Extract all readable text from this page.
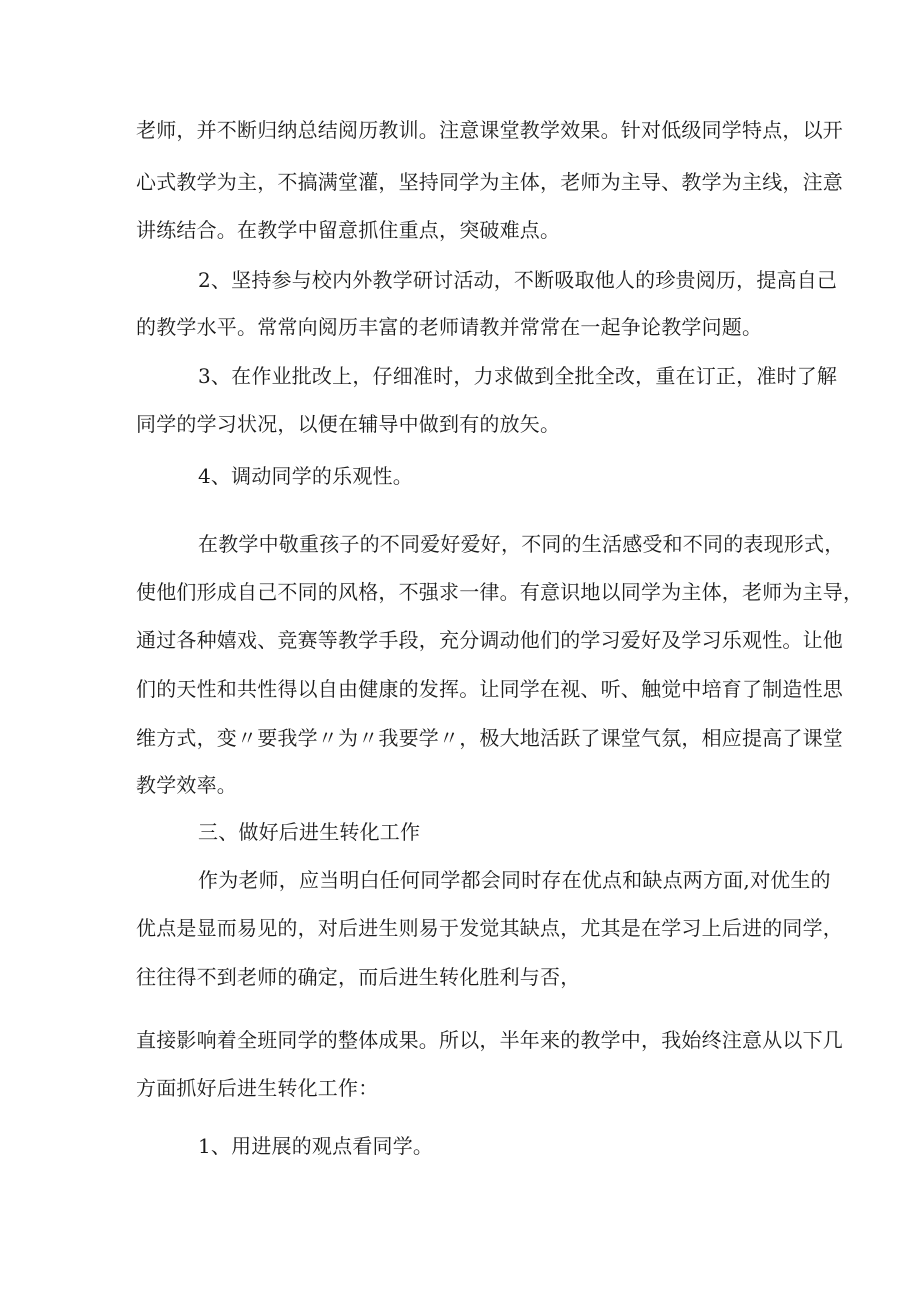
老师，并不断归纳总结阅历教训。注意课堂教学效果。针对低级同学特点，以开
心式教学为主，不搞满堂灌，坚持同学为主体，老师为主导、教学为主线，注意
讲练结合。在教学中留意抓住重点，突破难点。
2、坚持参与校内外教学研讨活动，不断吸取他人的珍贵阅历，提高自己
的教学水平。常常向阅历丰富的老师请教并常常在一起争论教学问题。
3、在作业批改上，仔细准时，力求做到全批全改，重在订正，准时了解
同学的学习状况，以便在辅导中做到有的放矢。
4、调动同学的乐观性。
在教学中敬重孩子的不同爱好爱好，不同的生活感受和不同的表现形式，
使他们形成自己不同的风格，不强求一律。有意识地以同学为主体，老师为主导，
通过各种嬉戏、竞赛等教学手段，充分调动他们的学习爱好及学习乐观性。让他
们的天性和共性得以自由健康的发挥。让同学在视、听、触觉中培育了制造性思
维方式，变〃要我学〃为〃我要学〃，极大地活跃了课堂气氛，相应提高了课堂
教学效率。
三、做好后进生转化工作
作为老师，应当明白任何同学都会同时存在优点和缺点两方面,对优生的
优点是显而易见的，对后进生则易于发觉其缺点，尤其是在学习上后进的同学，
往往得不到老师的确定，而后进生转化胜利与否，
直接影响着全班同学的整体成果。所以，半年来的教学中，我始终注意从以下几
方面抓好后进生转化工作：
1、用进展的观点看同学。
